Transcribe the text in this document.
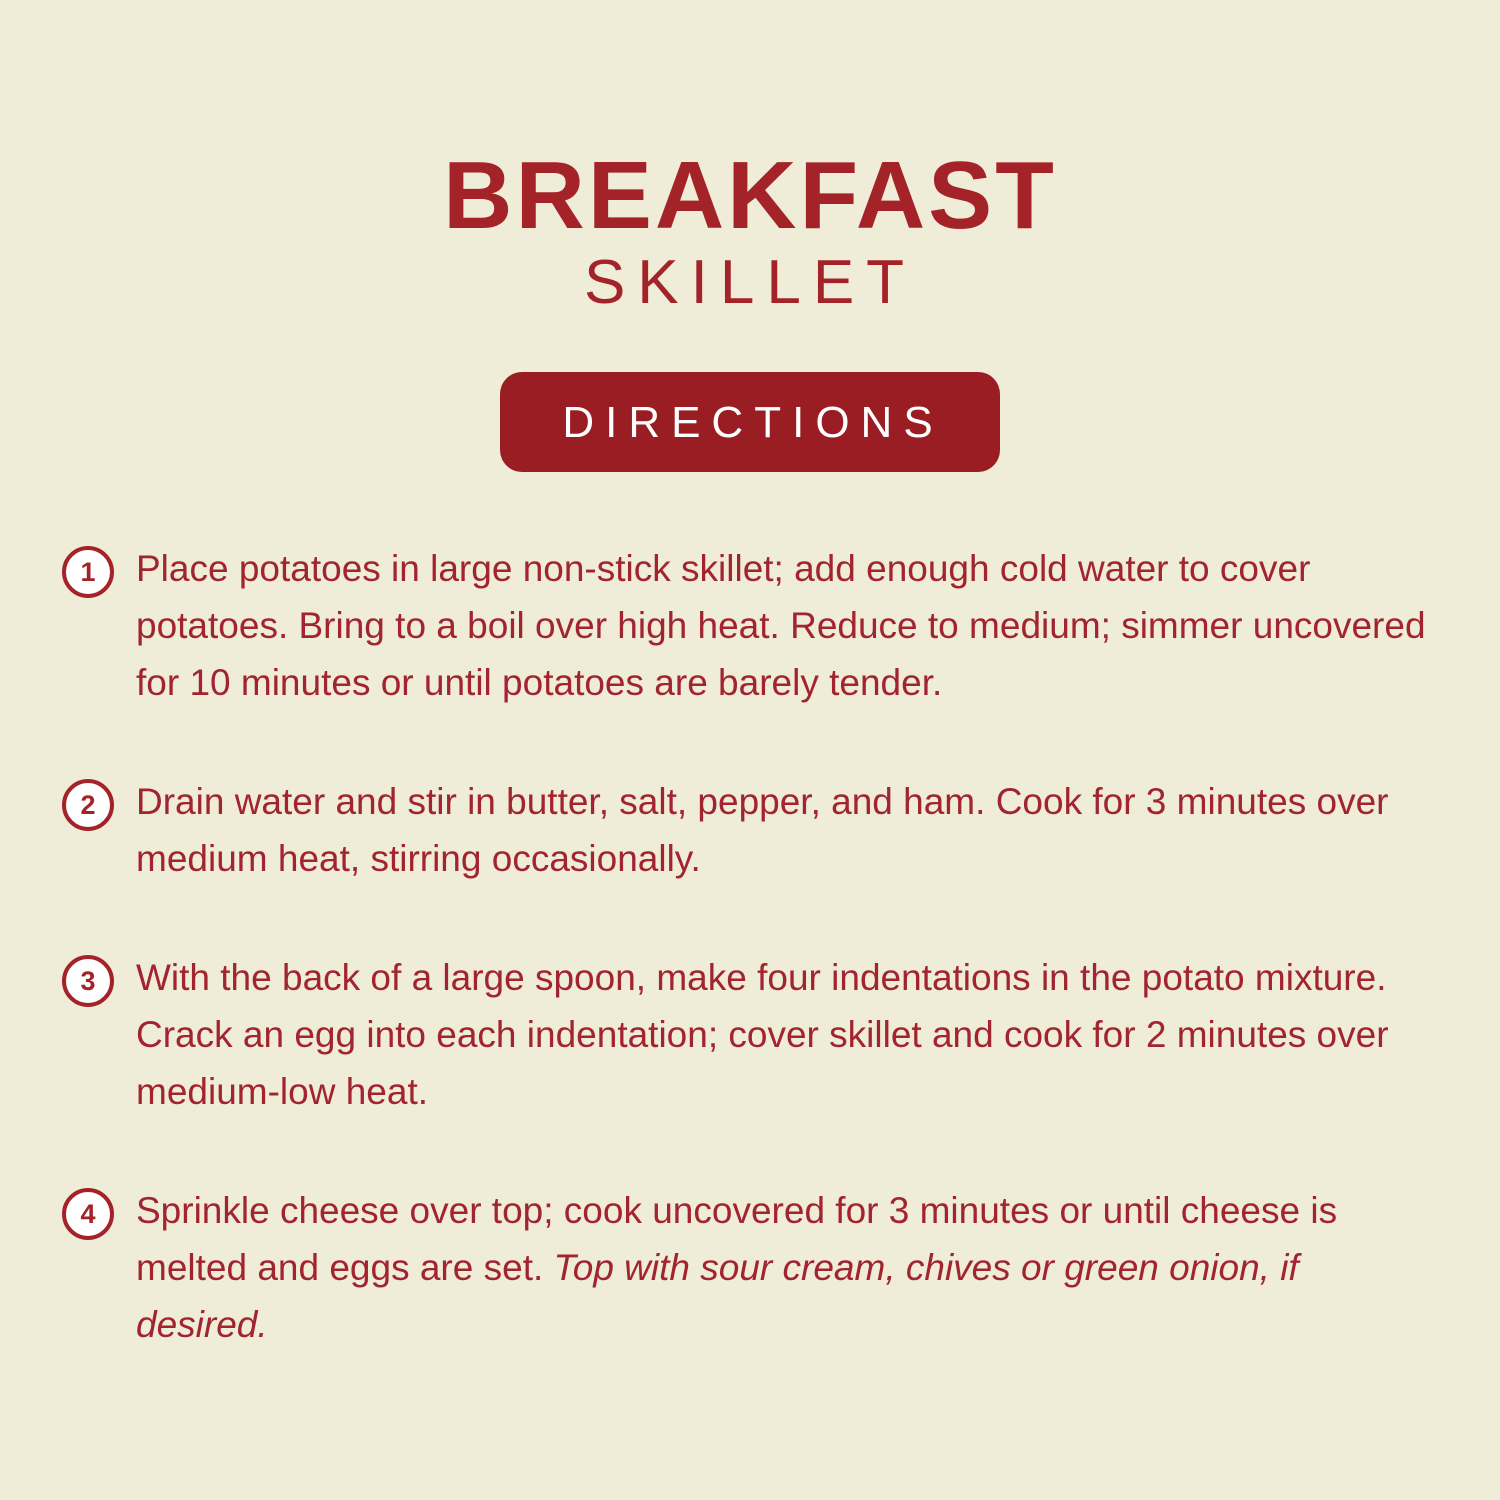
BREAKFAST
SKILLET
DIRECTIONS
1	Place potatoes in large non-stick skillet; add enough cold water to cover potatoes. Bring to a boil over high heat. Reduce to medium; simmer uncovered for 10 minutes or until potatoes are barely tender.

2	Drain water and stir in butter, salt, pepper, and ham. Cook for 3 minutes over medium heat, stirring occasionally.

3	With the back of a large spoon, make four indentations in the potato mixture. Crack an egg into each indentation; cover skillet and cook for 2 minutes over medium-low heat.

4	Sprinkle cheese over top; cook uncovered for 3 minutes or until cheese is melted and eggs are set. Top with sour cream, chives or green onion, if desired.
